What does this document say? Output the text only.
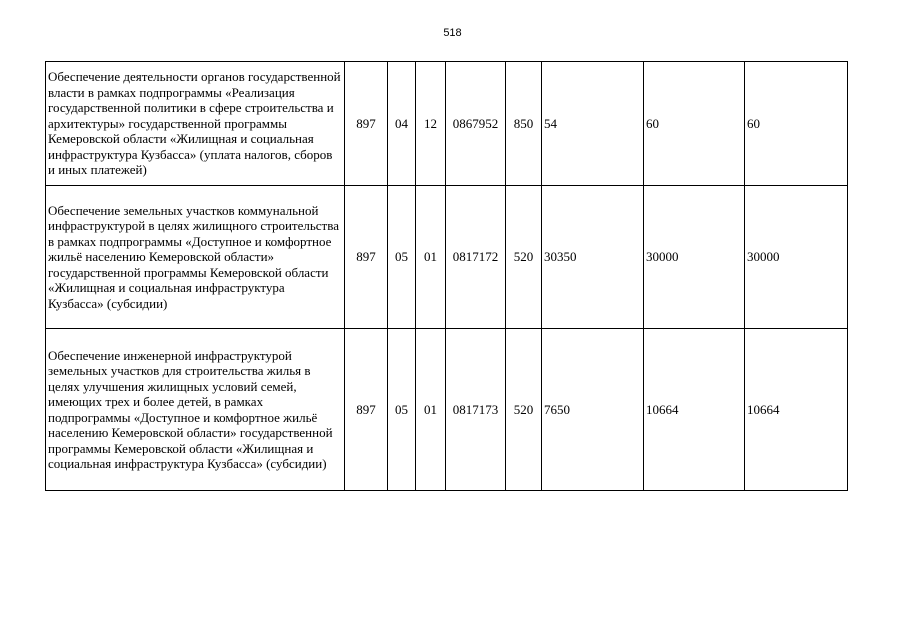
518
Обеспечение деятельности органов государственной власти в рамках подпрограммы «Реализация государственной политики в сфере строительства и архитектуры» государственной программы Кемеровской области «Жилищная и социальная инфраструктура Кузбасса» (уплата налогов, сборов и иных платежей)	897	04	12	0867952	850	54	60	60
Обеспечение земельных участков коммунальной инфраструктурой в целях жилищного строительства в рамках подпрограммы «Доступное и комфортное жильё населению Кемеровской области» государственной программы Кемеровской области «Жилищная и социальная инфраструктура Кузбасса» (субсидии)	897	05	01	0817172	520	30350	30000	30000
Обеспечение инженерной инфраструктурой земельных участков для строительства жилья в целях улучшения жилищных условий семей, имеющих трех и более детей, в рамках подпрограммы «Доступное и комфортное жильё населению Кемеровской области» государственной программы Кемеровской области «Жилищная и социальная инфраструктура Кузбасса» (субсидии)	897	05	01	0817173	520	7650	10664	10664
